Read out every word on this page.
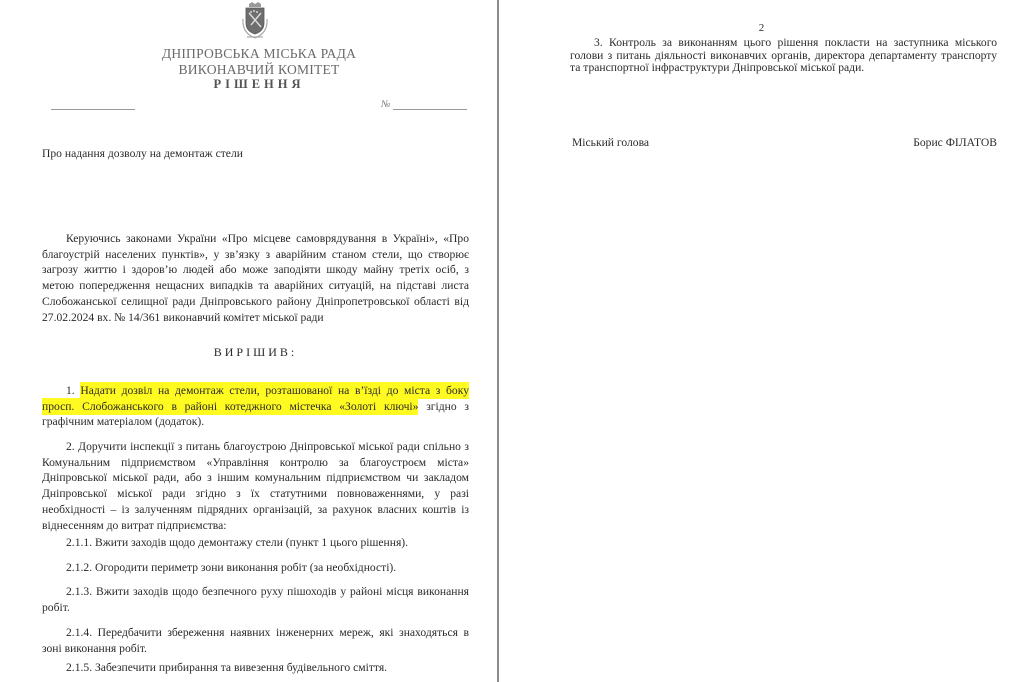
ДНІПРОВСЬКА МІСЬКА РАДА
ВИКОНАВЧИЙ КОМІТЕТ
РІШЕННЯ
№
Про надання дозволу на демонтаж стели
Керуючись законами України «Про місцеве самоврядування в Україні», «Про благоустрій населених пунктів», у зв’язку з аварійним станом стели, що створює загрозу життю і здоров’ю людей або може заподіяти шкоду майну третіх осіб, з метою попередження нещасних випадків та аварійних ситуацій, на підставі листа Слобожанської селищної ради Дніпровського району Дніпропетровської області від 27.02.2024 вх. № 14/361 виконавчий комітет міської ради
ВИРІШИВ:
1. Надати дозвіл на демонтаж стели, розташованої на в’їзді до міста з боку просп. Слобожанського в районі котеджного містечка «Золоті ключі» згідно з графічним матеріалом (додаток).
2. Доручити інспекції з питань благоустрою Дніпровської міської ради спільно з Комунальним підприємством «Управління контролю за благоустроєм міста» Дніпровської міської ради, або з іншим комунальним підприємством чи закладом Дніпровської міської ради згідно з їх статутними повноваженнями, у разі необхідності – із залученням підрядних організацій, за рахунок власних коштів із віднесенням до витрат підприємства:
2.1.1. Вжити заходів щодо демонтажу стели (пункт 1 цього рішення).
2.1.2. Огородити периметр зони виконання робіт (за необхідності).
2.1.3. Вжити заходів щодо безпечного руху пішоходів у районі місця виконання робіт.
2.1.4. Передбачити збереження наявних інженерних мереж, які знаходяться в зоні виконання робіт.
2.1.5. Забезпечити прибирання та вивезення будівельного сміття.
2
3. Контроль за виконанням цього рішення покласти на заступника міського голови з питань діяльності виконавчих органів, директора департаменту транспорту та транспортної інфраструктури Дніпровської міської ради.
Міський голова	Борис ФІЛАТОВ
